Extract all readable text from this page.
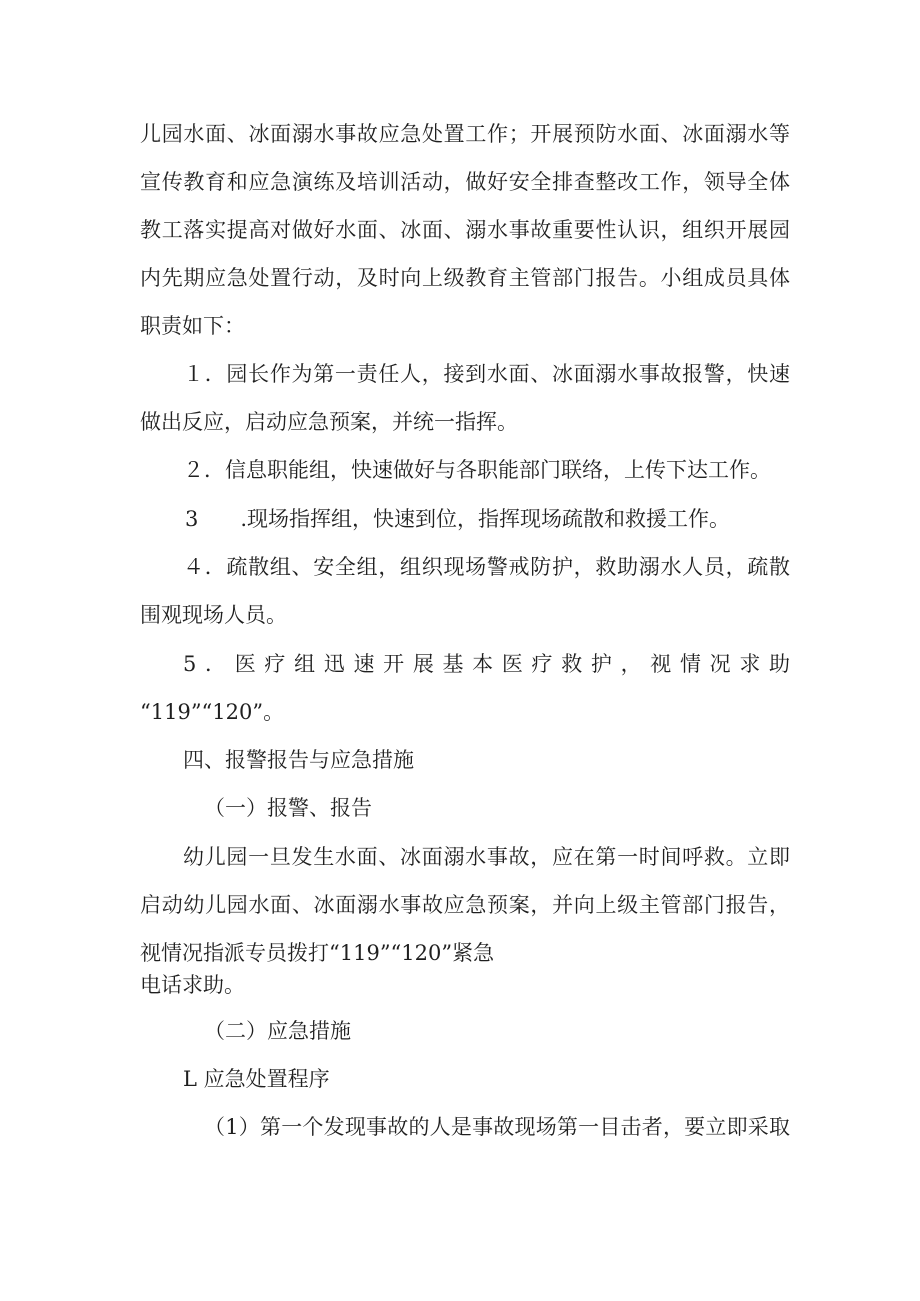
儿园水面、冰面溺水事故应急处置工作；开展预防水面、冰面溺水等
宣传教育和应急演练及培训活动，做好安全排查整改工作，领导全体
教工落实提高对做好水面、冰面、溺水事故重要性认识，组织开展园
内先期应急处置行动，及时向上级教育主管部门报告。小组成员具体
职责如下：
１．园长作为第一责任人，接到水面、冰面溺水事故报警，快速
做出反应，启动应急预案，并统一指挥。
２．信息职能组，快速做好与各职能部门联络，上传下达工作。
3　　.现场指挥组，快速到位，指挥现场疏散和救援工作。
４．疏散组、安全组，组织现场警戒防护，救助溺水人员，疏散
围观现场人员。
5．医疗组迅速开展基本医疗救护，视情况求助
“119”“120”。
四、报警报告与应急措施
（一）报警、报告
幼儿园一旦发生水面、冰面溺水事故，应在第一时间呼救。立即
启动幼儿园水面、冰面溺水事故应急预案，并向上级主管部门报告，
视情况指派专员拨打“119”“120”紧急
电话求助。
（二）应急措施
L 应急处置程序
（1）第一个发现事故的人是事故现场第一目击者，要立即采取
